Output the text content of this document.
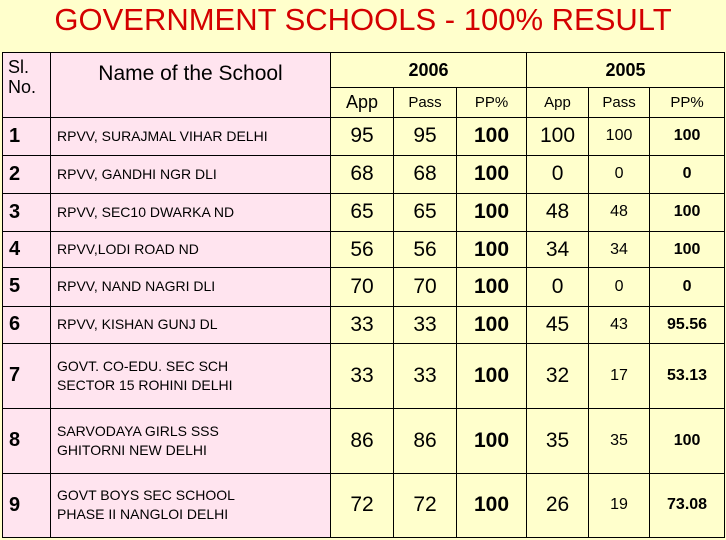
GOVERNMENT SCHOOLS - 100% RESULT
Sl. No.	Name of the School	2006			2005		
		App	Pass	PP%	App	Pass	PP%
1	RPVV, SURAJMAL VIHAR DELHI	95	95	100	100	100	100
2	RPVV, GANDHI NGR DLI	68	68	100	0	0	0
3	RPVV, SEC10 DWARKA ND	65	65	100	48	48	100
4	RPVV,LODI ROAD ND	56	56	100	34	34	100
5	RPVV, NAND NAGRI DLI	70	70	100	0	0	0
6	RPVV, KISHAN GUNJ DL	33	33	100	45	43	95.56
7	GOVT. CO-EDU. SEC SCH
SECTOR 15 ROHINI DELHI	33	33	100	32	17	53.13
8	SARVODAYA GIRLS SSS
GHITORNI NEW DELHI	86	86	100	35	35	100
9	GOVT BOYS SEC SCHOOL
PHASE II NANGLOI DELHI	72	72	100	26	19	73.08
